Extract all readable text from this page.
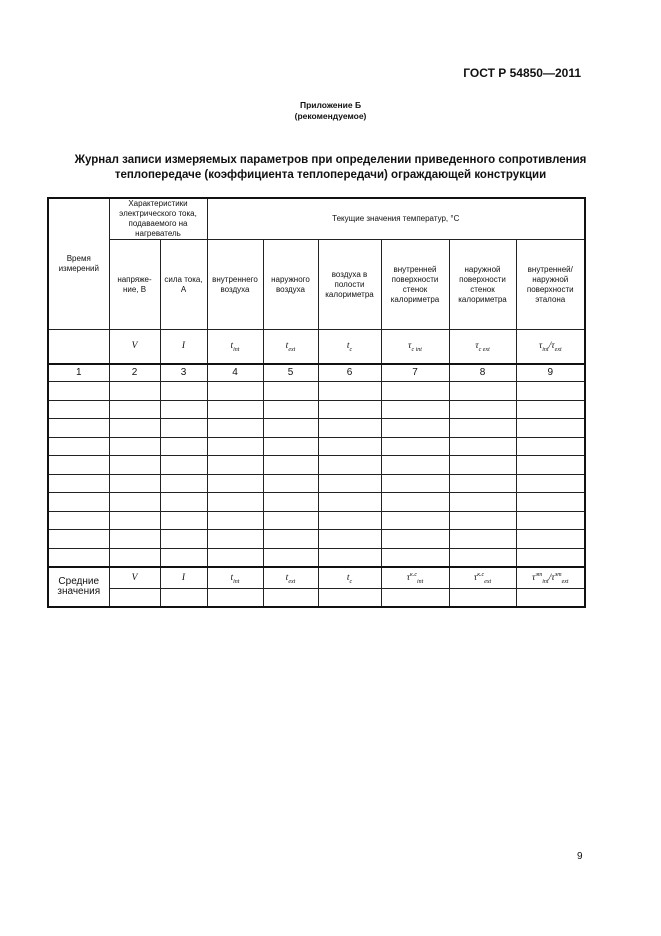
ГОСТ Р 54850—2011
Приложение Б
(рекомендуемое)
Журнал записи измеряемых параметров при определении приведенного сопротивления
теплопередаче (коэффициента теплопередачи) ограждающей конструкции
Время измерений	Характеристики электрического тока, подаваемого на нагреватель		Текущие значения температур, °С					
	напряже-ние, В	сила тока, А	внутреннего воздуха	наружного воздуха	воздуха в полости калориметра	внутренней поверхности стенок калориметра	наружной поверхности стенок калориметра	внутренней/ наружной поверхности эталона

	V	I	$t_{int}$	$t_{ext}$	$t_c$	$\tau_{c int}$	$\tau_{c ext}$	$\tau_{int}/\tau_{ext}$
1	2	3	4	5	6	7	8	9

Средние значения	V	I	$t_{int}$	$t_{ext}$	$t_c$	$\tau^{к.с}_{int}$	$\tau^{к.с}_{ext}$	$\tau^{эт}_{int}/\tau^{эт}_{ext}$

9
